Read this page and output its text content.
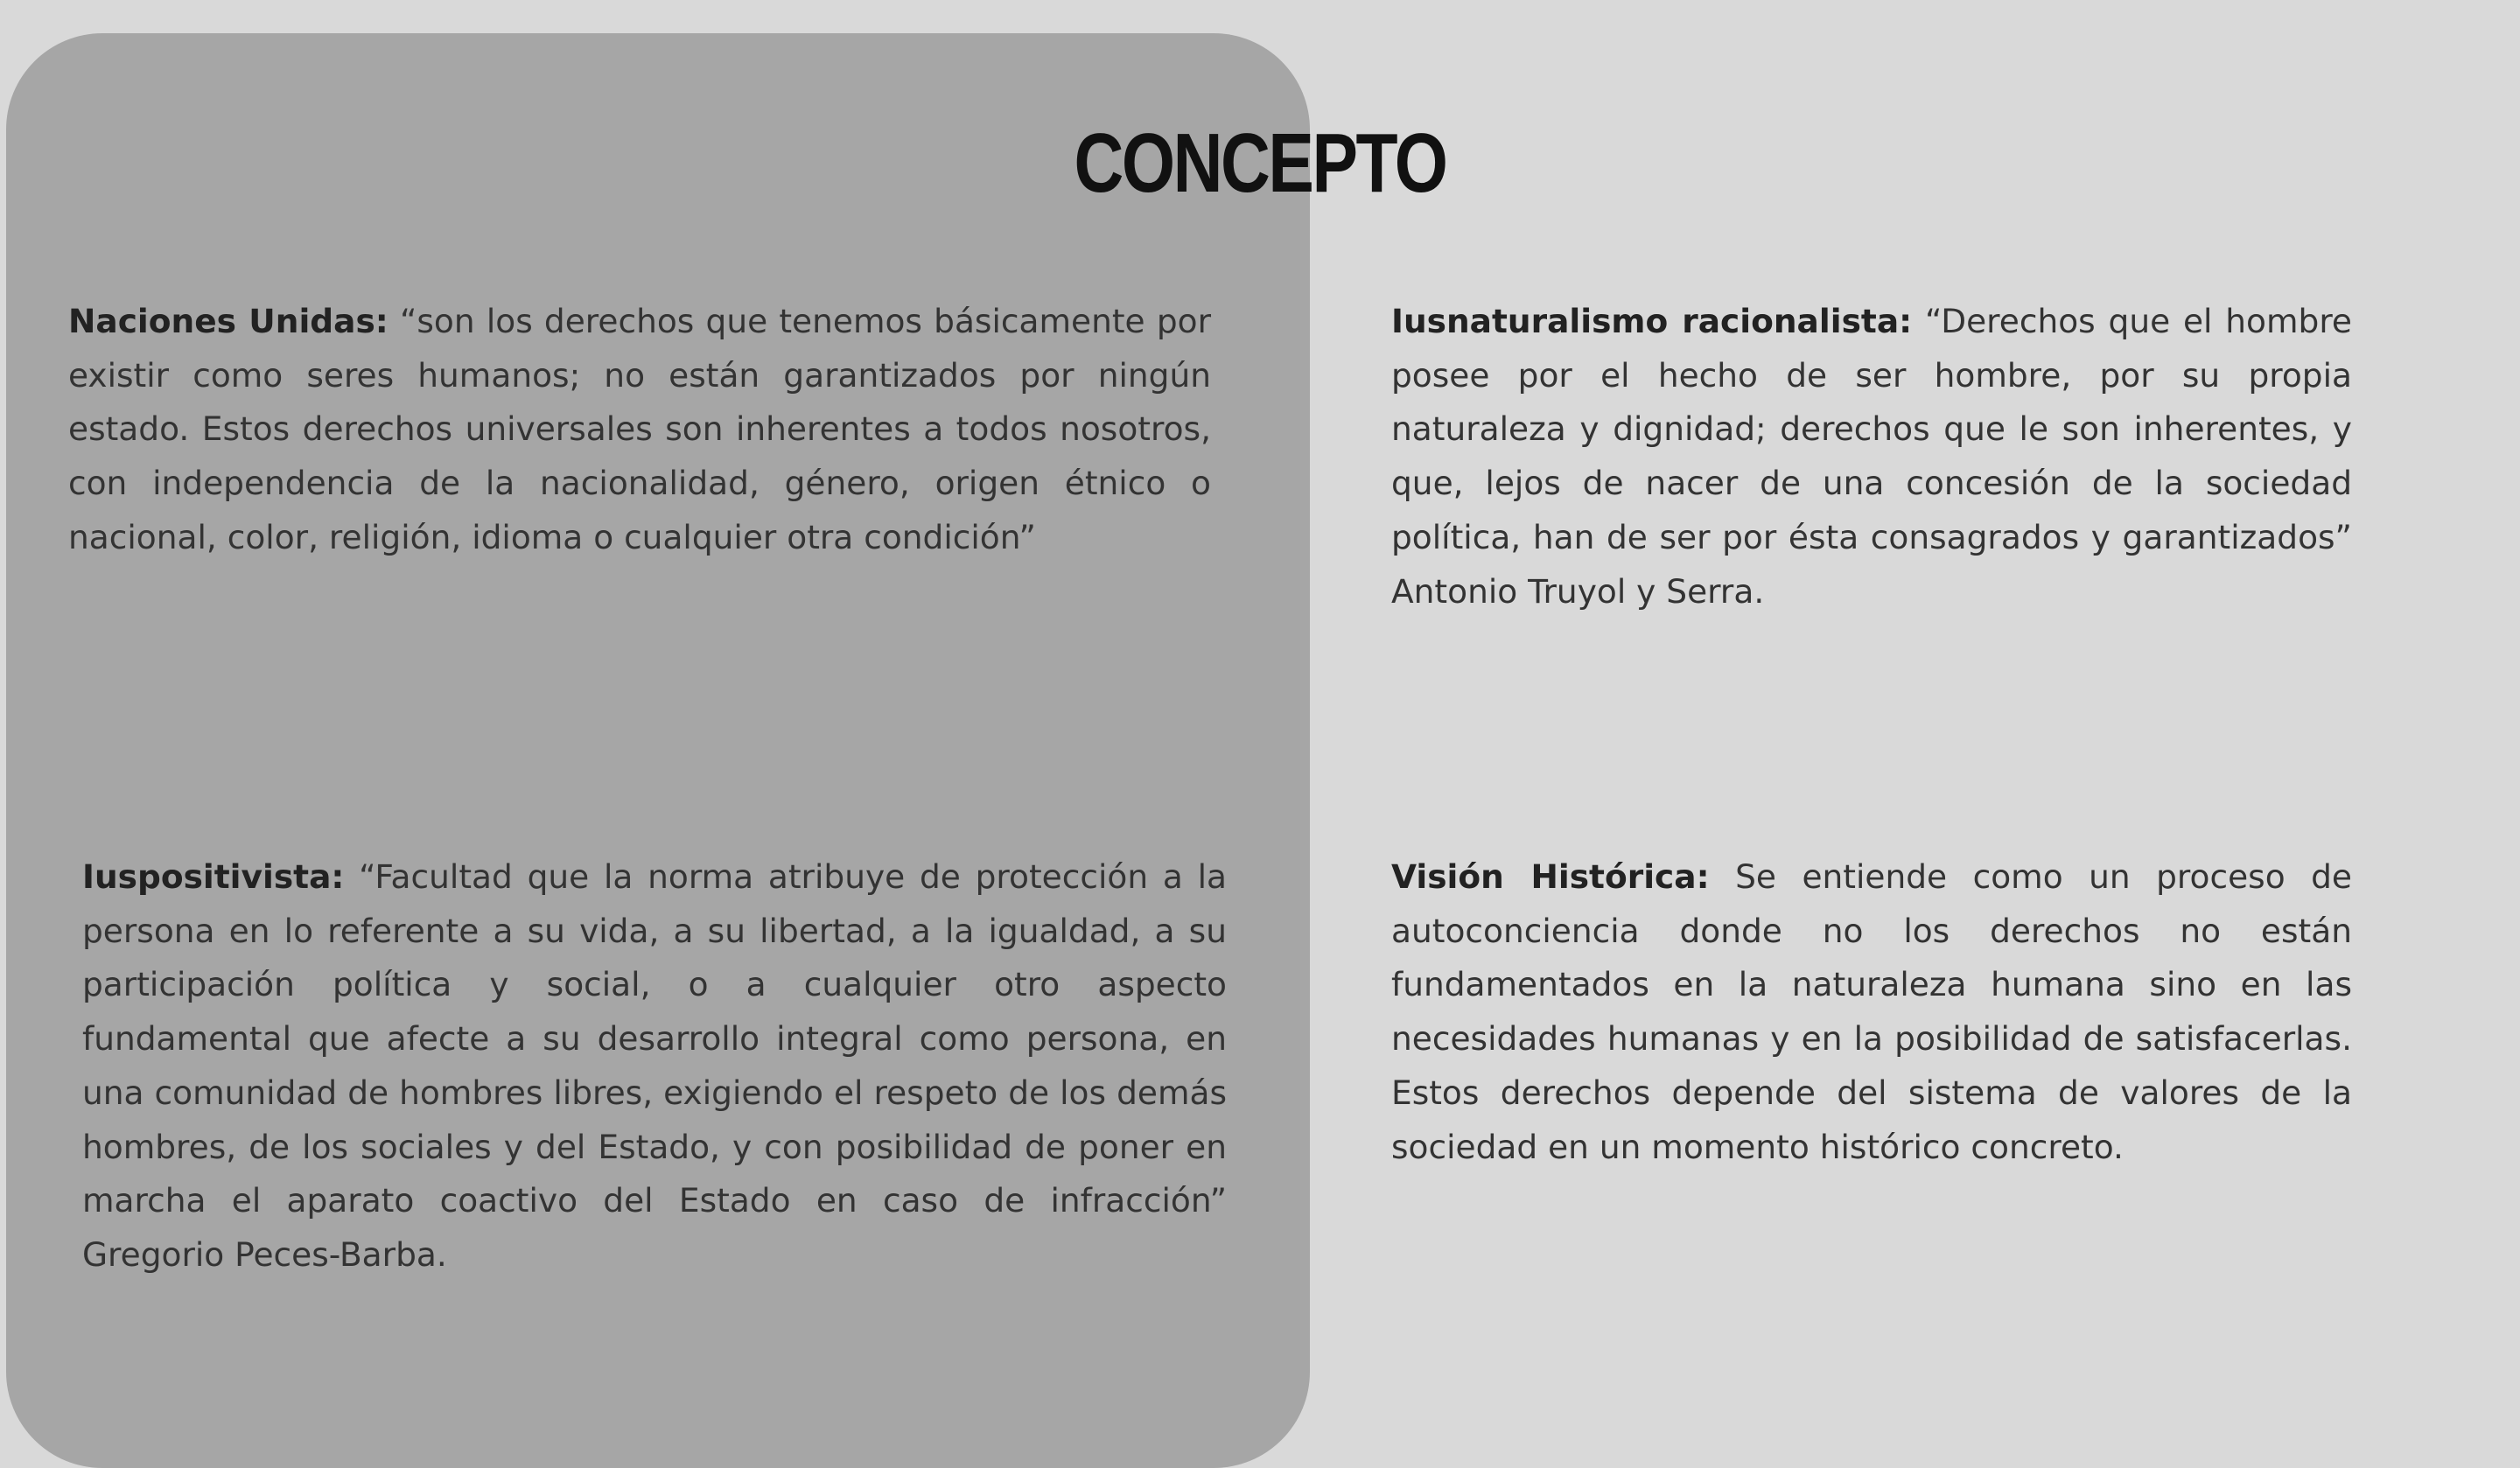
CONCEPTO

Naciones Unidas: “son los derechos que tenemos básicamente por existir como seres humanos; no están garantizados por ningún estado. Estos derechos universales son inherentes a todos nosotros, con independencia de la nacionalidad, género, origen étnico o nacional, color, religión, idioma o cualquier otra condición”

Iusnaturalismo racionalista: “Derechos que el hombre posee por el hecho de ser hombre, por su propia naturaleza y dignidad; derechos que le son inherentes, y que, lejos de nacer de una concesión de la sociedad política, han de ser por ésta consagrados y garantizados” Antonio Truyol y Serra.

Iuspositivista: “Facultad que la norma atribuye de protección a la persona en lo referente a su vida, a su libertad, a la igualdad, a su participación política y social, o a cualquier otro aspecto fundamental que afecte a su desarrollo integral como persona, en una comunidad de hombres libres, exigiendo el respeto de los demás hombres, de los sociales y del Estado, y con posibilidad de poner en marcha el aparato coactivo del Estado en caso de infracción” Gregorio Peces-Barba.

Visión Histórica: Se entiende como un proceso de autoconciencia donde no los derechos no están fundamentados en la naturaleza humana sino en las necesidades humanas y en la posibilidad de satisfacerlas. Estos derechos depende del sistema de valores de la sociedad en un momento histórico concreto.
